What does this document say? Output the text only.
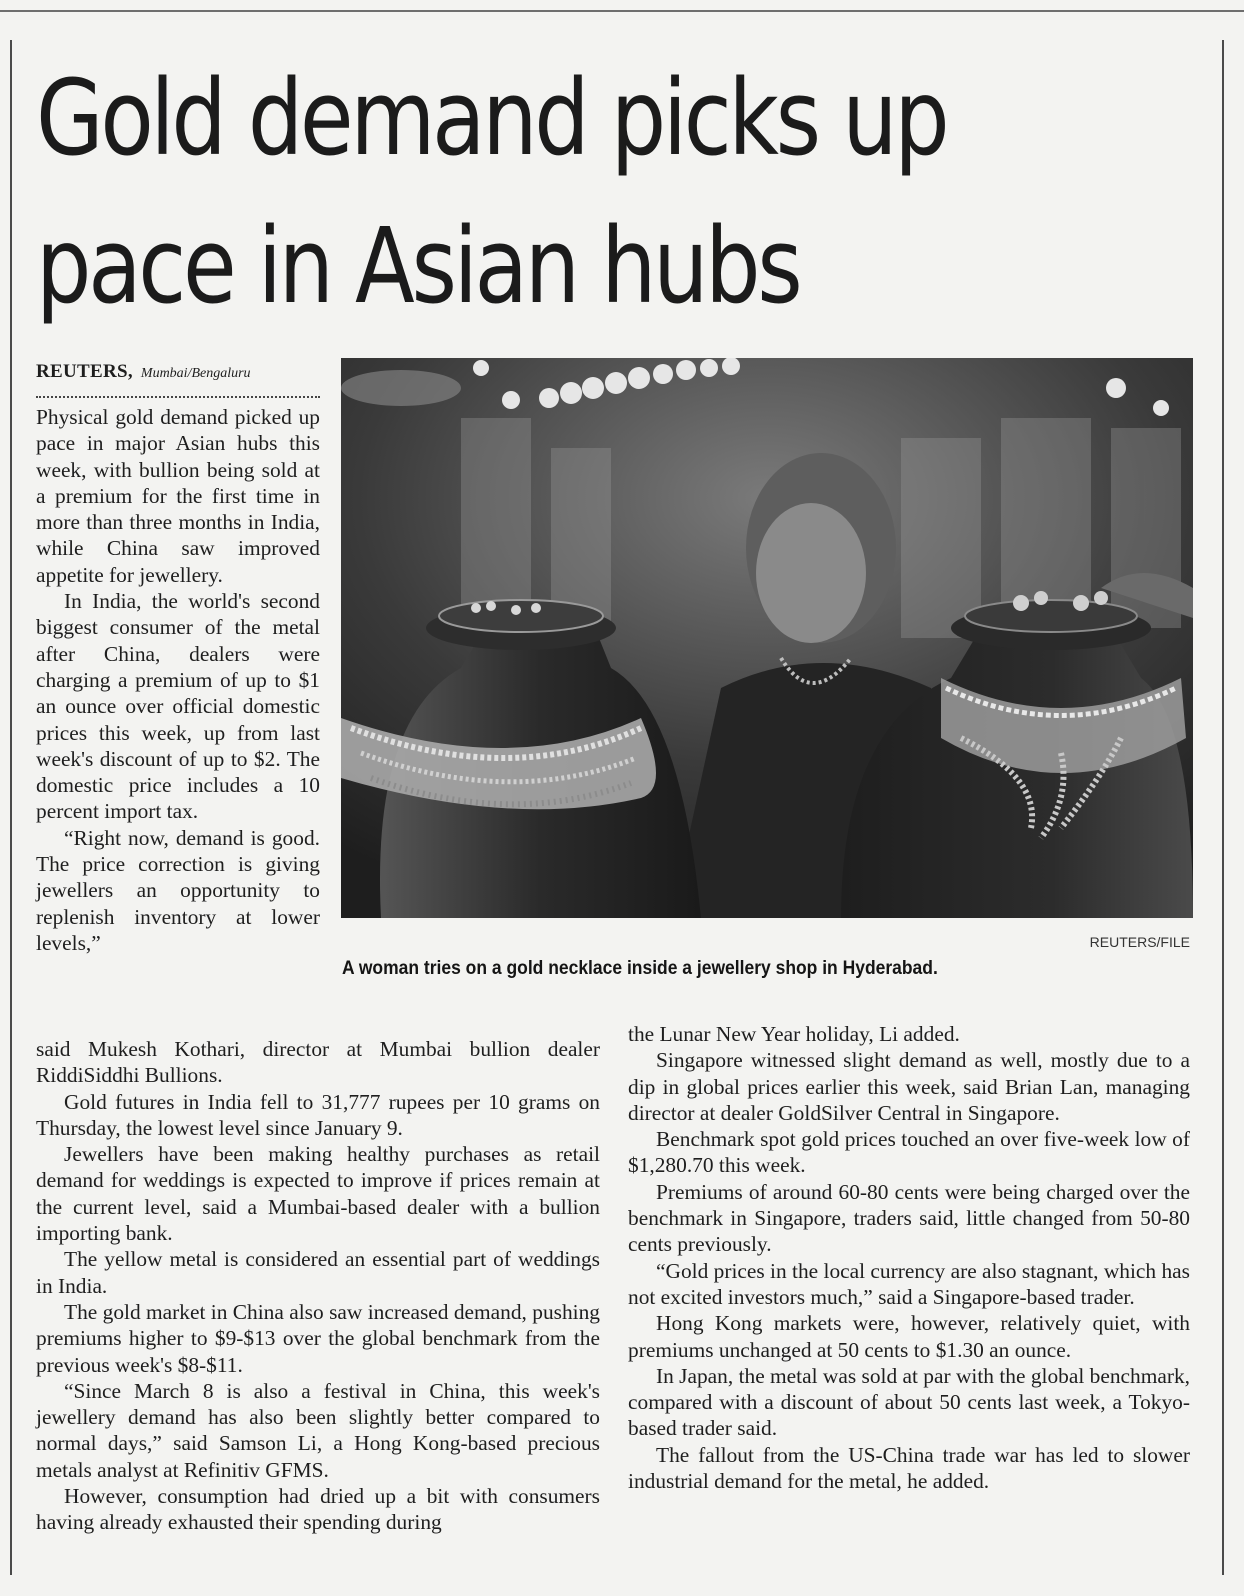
Gold demand picks up pace in Asian hubs
REUTERS, Mumbai/Bengaluru

Physical gold demand picked up pace in major Asian hubs this week, with bullion being sold at a premium for the first time in more than three months in India, while China saw improved appetite for jewellery.

In India, the world's second biggest consumer of the metal after China, dealers were charging a premium of up to $1 an ounce over official domestic prices this week, up from last week's discount of up to $2. The domestic price includes a 10 percent import tax.

“Right now, demand is good. The price correction is giving jewellers an opportunity to replenish inventory at lower levels,”	REUTERS/FILE

A woman tries on a gold necklace inside a jewellery shop in Hyderabad.

said Mukesh Kothari, director at Mumbai bullion dealer RiddiSiddhi Bullions.

Gold futures in India fell to 31,777 rupees per 10 grams on Thursday, the lowest level since January 9.

Jewellers have been making healthy purchases as retail demand for weddings is expected to improve if prices remain at the current level, said a Mumbai-based dealer with a bullion importing bank.

The yellow metal is considered an essential part of weddings in India.

The gold market in China also saw increased demand, pushing premiums higher to $9-$13 over the global benchmark from the previous week's $8-$11.

“Since March 8 is also a festival in China, this week's jewellery demand has also been slightly better compared to normal days,” said Samson Li, a Hong Kong-based precious metals analyst at Refinitiv GFMS.

However, consumption had dried up a bit with consumers having already exhausted their spending during

the Lunar New Year holiday, Li added.

Singapore witnessed slight demand as well, mostly due to a dip in global prices earlier this week, said Brian Lan, managing director at dealer GoldSilver Central in Singapore.

Benchmark spot gold prices touched an over five-week low of $1,280.70 this week.

Premiums of around 60-80 cents were being charged over the benchmark in Singapore, traders said, little changed from 50-80 cents previously.

“Gold prices in the local currency are also stagnant, which has not excited investors much,” said a Singapore-based trader.

Hong Kong markets were, however, relatively quiet, with premiums unchanged at 50 cents to $1.30 an ounce.

In Japan, the metal was sold at par with the global benchmark, compared with a discount of about 50 cents last week, a Tokyo-based trader said.

The fallout from the US-China trade war has led to slower industrial demand for the metal, he added.
